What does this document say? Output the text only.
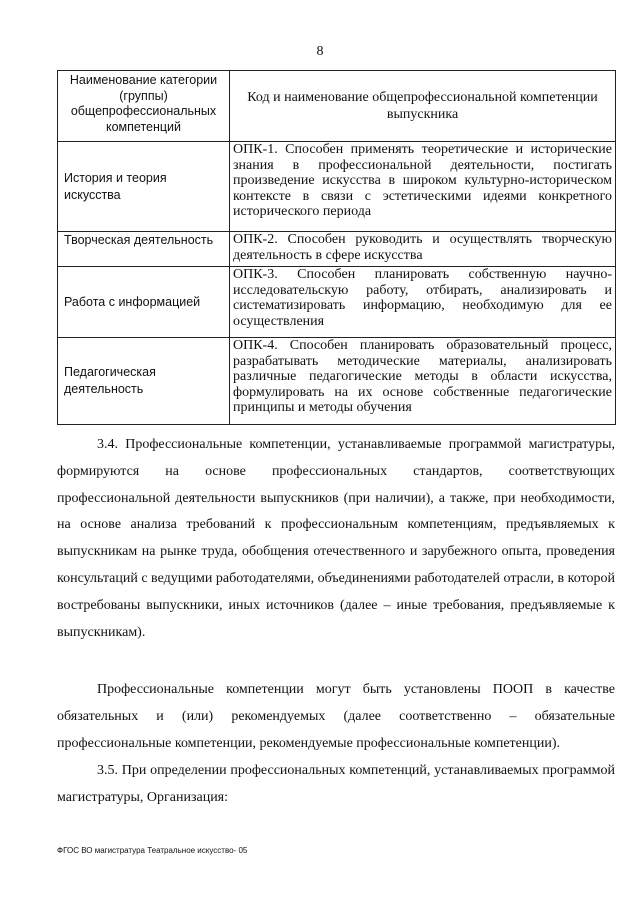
8
Наименование категории (группы) общепрофессиональных компетенций	Код и наименование общепрофессиональной компетенции выпускника
История и теория искусства	ОПК-1. Способен применять теоретические и исторические знания в профессиональной деятельности, постигать произведение искусства в широком культурно-историческом контексте в связи с эстетическими идеями конкретного исторического периода
Творческая деятельность	ОПК-2. Способен руководить и осуществлять творческую деятельность в сфере искусства
Работа с информацией	ОПК-3. Способен планировать собственную научно-исследовательскую работу, отбирать, анализировать и систематизировать информацию, необходимую для ее осуществления
Педагогическая деятельность	ОПК-4. Способен планировать образовательный процесс, разрабатывать методические материалы, анализировать различные педагогические методы в области искусства, формулировать на их основе собственные педагогические принципы и методы обучения

3.4. Профессиональные компетенции, устанавливаемые программой магистратуры, формируются на основе профессиональных стандартов, соответствующих профессиональной деятельности выпускников (при наличии), а также, при необходимости, на основе анализа требований к профессиональным компетенциям, предъявляемых к выпускникам на рынке труда, обобщения отечественного и зарубежного опыта, проведения консультаций с ведущими работодателями, объединениями работодателей отрасли, в которой востребованы выпускники, иных источников (далее – иные требования, предъявляемые к выпускникам).

Профессиональные компетенции могут быть установлены ПООП в качестве обязательных и (или) рекомендуемых (далее соответственно – обязательные профессиональные компетенции, рекомендуемые профессиональные компетенции).

3.5. При определении профессиональных компетенций, устанавливаемых программой магистратуры, Организация:

ФГОС ВО магистратура Театральное искусство- 05
